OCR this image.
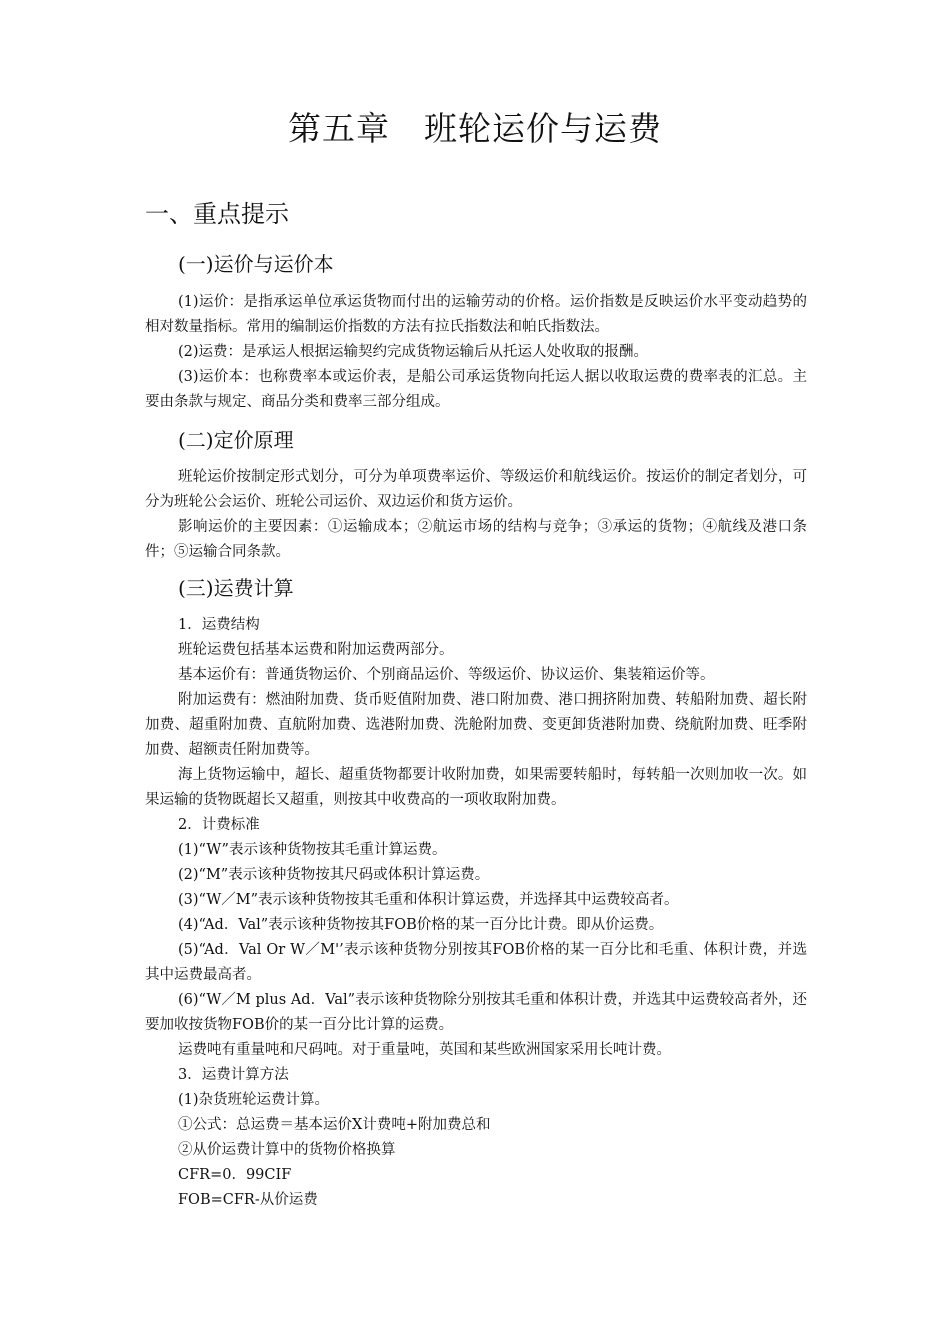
第五章　班轮运价与运费
一、重点提示
(一)运价与运价本

(1)运价：是指承运单位承运货物而付出的运输劳动的价格。运价指数是反映运价水平变动趋势的相对数量指标。常用的编制运价指数的方法有拉氏指数法和帕氏指数法。

(2)运费：是承运人根据运输契约完成货物运输后从托运人处收取的报酬。

(3)运价本：也称费率本或运价表，是船公司承运货物向托运人据以收取运费的费率表的汇总。主要由条款与规定、商品分类和费率三部分组成。

(二)定价原理

班轮运价按制定形式划分，可分为单项费率运价、等级运价和航线运价。按运价的制定者划分，可分为班轮公会运价、班轮公司运价、双边运价和货方运价。

影响运价的主要因素：①运输成本；②航运市场的结构与竞争；③承运的货物；④航线及港口条件；⑤运输合同条款。

(三)运费计算

1．运费结构

班轮运费包括基本运费和附加运费两部分。

基本运价有：普通货物运价、个别商品运价、等级运价、协议运价、集装箱运价等。

附加运费有：燃油附加费、货币贬值附加费、港口附加费、港口拥挤附加费、转船附加费、超长附加费、超重附加费、直航附加费、选港附加费、洗舱附加费、变更卸货港附加费、绕航附加费、旺季附加费、超额责任附加费等。

海上货物运输中，超长、超重货物都要计收附加费，如果需要转船时，每转船一次则加收一次。如果运输的货物既超长又超重，则按其中收费高的一项收取附加费。

2．计费标准

(1)“W”表示该种货物按其毛重计算运费。

(2)“M”表示该种货物按其尺码或体积计算运费。

(3)“W／M”表示该种货物按其毛重和体积计算运费，并选择其中运费较高者。

(4)“Ad．Val”表示该种货物按其FOB价格的某一百分比计费。即从价运费。

(5)“Ad．Val Or W／M'’表示该种货物分别按其FOB价格的某一百分比和毛重、体积计费，并选其中运费最高者。

(6)“W／M plus Ad．Val”表示该种货物除分别按其毛重和体积计费，并选其中运费较高者外，还要加收按货物FOB价的某一百分比计算的运费。

运费吨有重量吨和尺码吨。对于重量吨，英国和某些欧洲国家采用长吨计费。

3．运费计算方法

(1)杂货班轮运费计算。

①公式：总运费＝基本运价X计费吨+附加费总和

②从价运费计算中的货物价格换算

CFR=0．99CIF

FOB=CFR-从价运费
